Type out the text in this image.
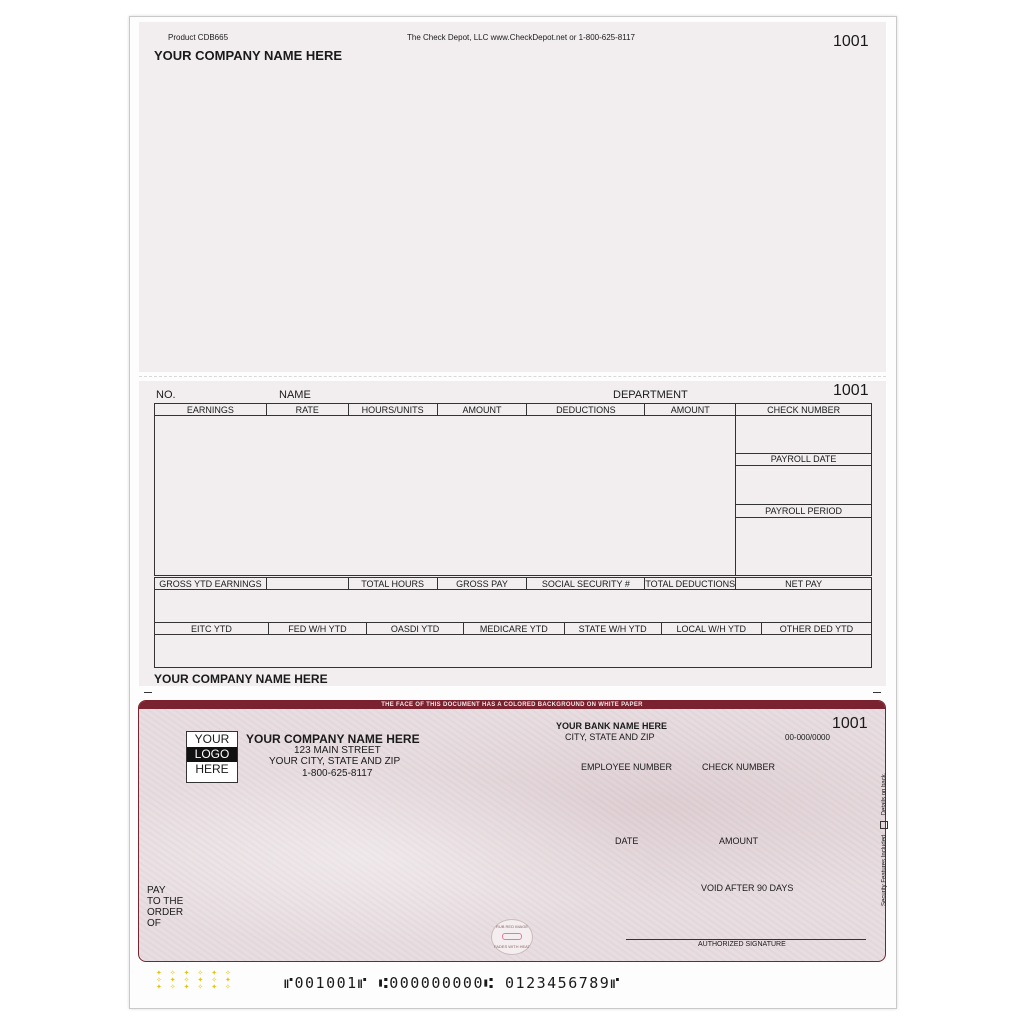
Product CDB665	The Check Depot, LLC www.CheckDepot.net or 1-800-625-8117
YOUR COMPANY NAME HERE
1001
NO.	NAME	DEPARTMENT	1001
EARNINGS	RATE	HOURS/UNITS	AMOUNT	DEDUCTIONS	AMOUNT	CHECK NUMBER

						PAYROLL DATE
PAYROLL PERIOD
GROSS YTD EARNINGS		TOTAL HOURS	GROSS PAY	SOCIAL SECURITY #	TOTAL DEDUCTIONS	NET PAY

EITC YTD	FED W/H YTD	OASDI YTD	MEDICARE YTD	STATE W/H YTD	LOCAL W/H YTD	OTHER DED YTD

YOUR COMPANY NAME HERE
THE FACE OF THIS DOCUMENT HAS A COLORED BACKGROUND ON WHITE PAPER
YOUR
LOGO
HERE
YOUR COMPANY NAME HERE
123 MAIN STREET
YOUR CITY, STATE AND ZIP
1-800-625-8117
YOUR BANK NAME HERE
CITY, STATE AND ZIP
1001
00-000/0000
EMPLOYEE NUMBER	CHECK NUMBER
DATE	AMOUNT
VOID AFTER 90 DAYS
PAY
TO THE
ORDER
OF	RUB RED IMAGE
FADES WITH HEAT	AUTHORIZED SIGNATURE
Security Features Included  Details on back.
✦ ✧ ✦ ✧ ✦ ✧
✧ ✦ ✧ ✦ ✧ ✦
✦ ✧ ✦ ✧ ✦ ✧	⑈001001⑈ ⑆000000000⑆ 0123456789⑈
